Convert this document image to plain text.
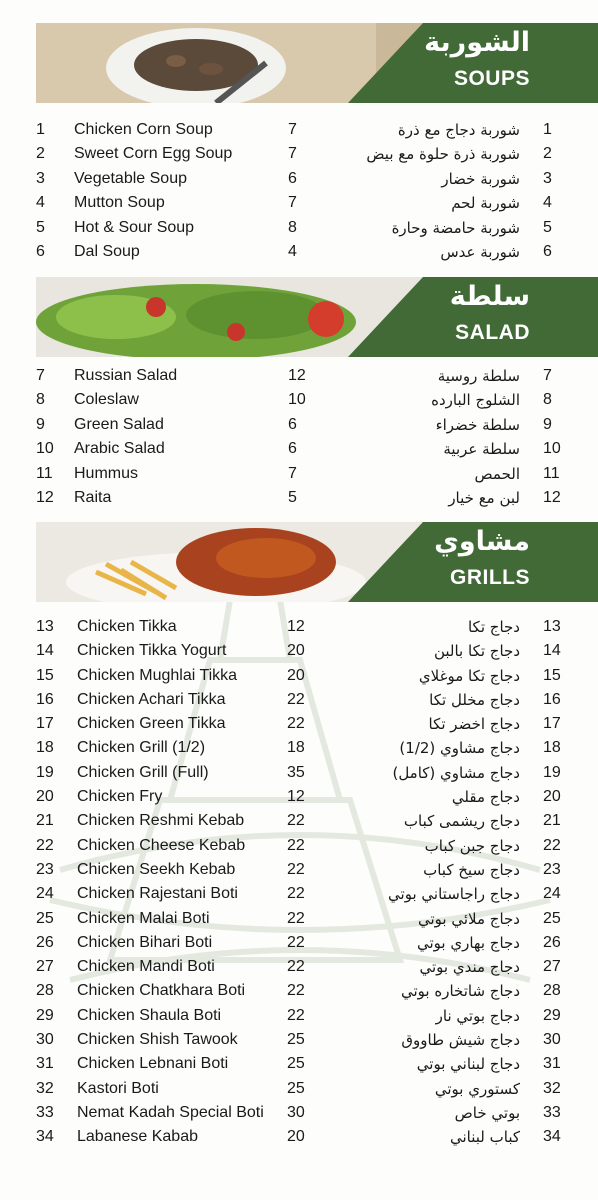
الشوربة
SOUPS
1 Chicken Corn Soup	7	شوربة دجاج مع ذرة 1
2 Sweet Corn Egg Soup	7	شوربة ذرة حلوة مع بيض 2
3 Vegetable Soup	6	شوربة خضار 3
4 Mutton Soup	7	شوربة لحم 4
5 Hot & Sour Soup	8	شوربة حامضة وحارة 5
6 Dal Soup	4	شوربة عدس 6
سلطة
SALAD
7 Russian Salad	12	سلطة روسية 7
8 Coleslaw	10	الشلوج البارده 8
9 Green Salad	6	سلطة خضراء 9
10 Arabic Salad	6	سلطة عربية 10
11 Hummus	7	الحمص 11
12 Raita	5	لبن مع خيار 12
مشاوي
GRILLS
13 Chicken Tikka	12	دجاج تكا 13
14 Chicken Tikka Yogurt	20	دجاج تكا بالبن 14
15 Chicken Mughlai Tikka	20	دجاج تكا موغلاي 15
16 Chicken Achari Tikka	22	دجاج مخلل تكا 16
17 Chicken Green Tikka	22	دجاج اخضر تكا 17
18 Chicken Grill (1/2)	18	دجاج مشاوي (1/2) 18
19 Chicken Grill (Full)	35	دجاج مشاوي (كامل) 19
20 Chicken Fry	12	دجاج مقلي 20
21 Chicken Reshmi Kebab	22	دجاج ريشمى كباب 21
22 Chicken Cheese Kebab	22	دجاج جبن كباب 22
23 Chicken Seekh Kebab	22	دجاج سيخ كباب 23
24 Chicken Rajestani Boti	22	دجاج راجاستاني بوتي 24
25 Chicken Malai Boti	22	دجاج ملائي بوتي 25
26 Chicken Bihari Boti	22	دجاج بهاري بوتي 26
27 Chicken Mandi Boti	22	دجاج مندي بوتي 27
28 Chicken Chatkhara Boti	22	دجاج شاتخاره بوتي 28
29 Chicken Shaula Boti	22	دجاج بوتي نار 29
30 Chicken Shish Tawook	25	دجاج شيش طاووق 30
31 Chicken Lebnani Boti	25	دجاج لبناني بوتي 31
32 Kastori Boti	25	كستوري بوتي 32
33 Nemat Kadah Special Boti 30	بوتي خاص 33
34 Labanese Kabab	20	كباب لبناني 34
